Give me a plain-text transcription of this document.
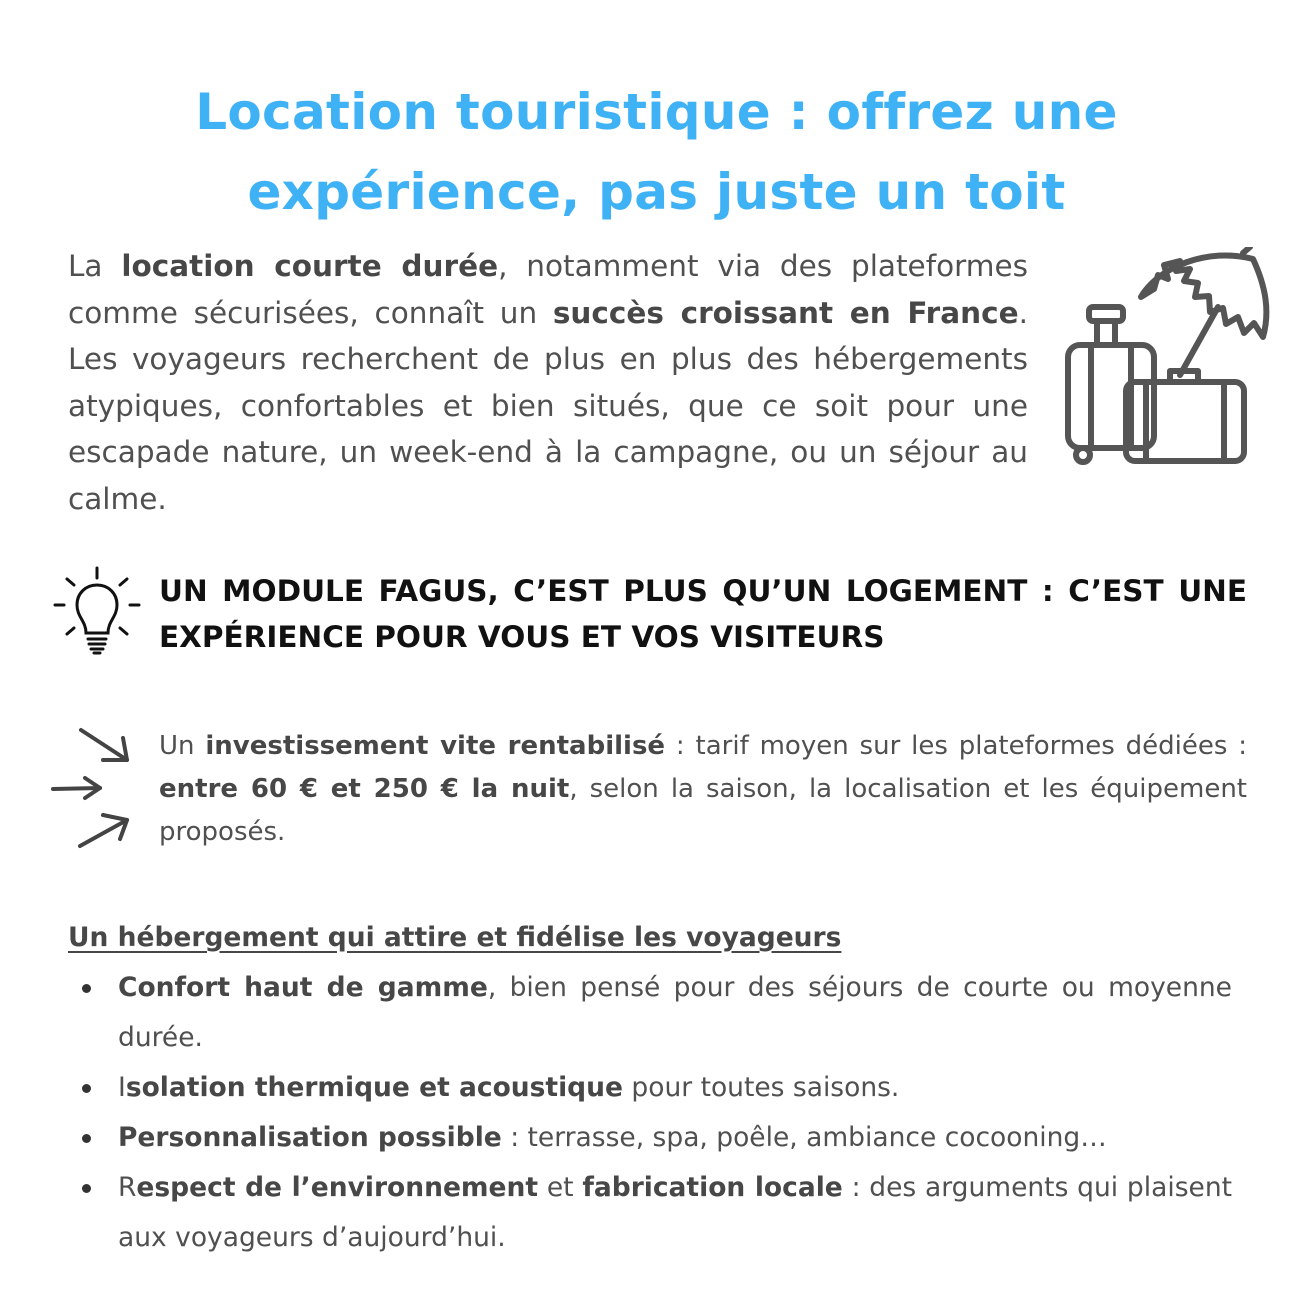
Location touristique : offrez une
expérience, pas juste un toit

La location courte durée, notamment via des plateformes comme sécurisées, connaît un succès croissant en France. Les voyageurs recherchent de plus en plus des hébergements atypiques, confortables et bien situés, que ce soit pour une escapade nature, un week-end à la campagne, ou un séjour au calme.

UN MODULE FAGUS, C’EST PLUS QU’UN LOGEMENT : C’EST UNE EXPÉRIENCE POUR VOUS ET VOS VISITEURS

Un investissement vite rentabilisé : tarif moyen sur les plateformes dédiées : entre 60 € et 250 € la nuit, selon la saison, la localisation et les équipement proposés.

Un hébergement qui attire et fidélise les voyageurs
Confort haut de gamme, bien pensé pour des séjours de courte ou moyenne durée.
Isolation thermique et acoustique pour toutes saisons.
Personnalisation possible : terrasse, spa, poêle, ambiance cocooning…
Respect de l’environnement et fabrication locale : des arguments qui plaisent aux voyageurs d’aujourd’hui.
